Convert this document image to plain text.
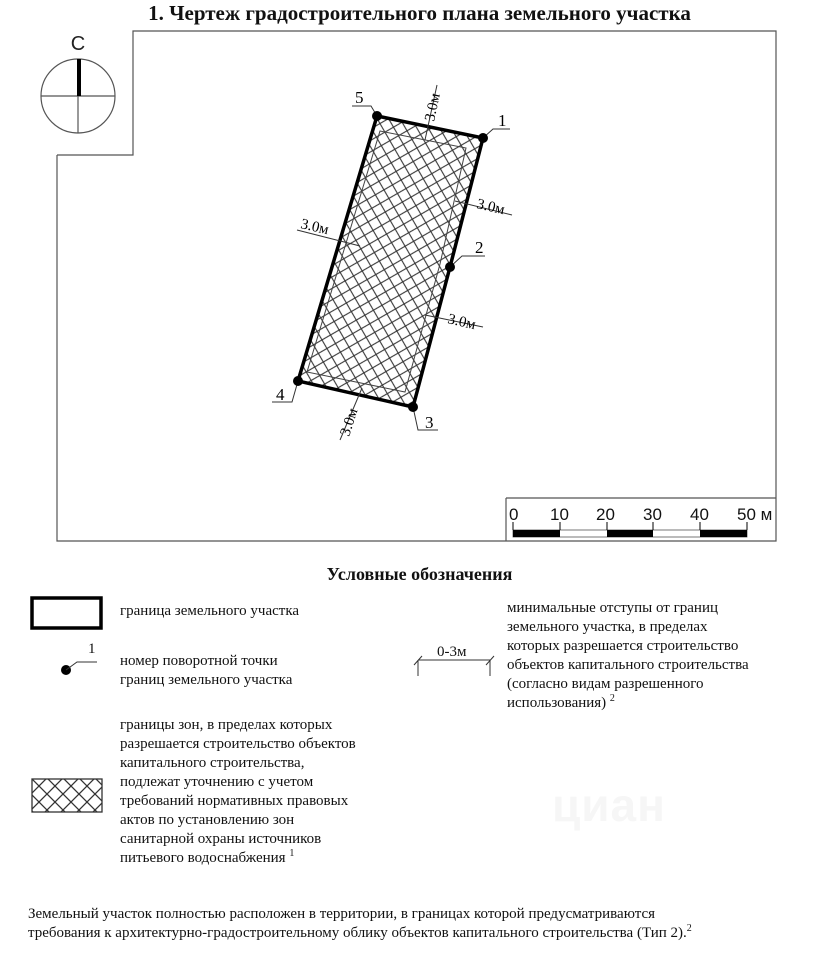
1. Чертеж градостроительного плана земельного участка
С
3.0м
3.0м
3.0м
3.0м
3.0м
1
2
3
4
5
0 10 20 30 40 50 м
Условные обозначения
граница земельного участка
1
номер поворотной точки
границ земельного участка
границы зон, в пределах которых
разрешается строительство объектов
капитального строительства,
подлежат уточнению с учетом
требований нормативных правовых
актов по установлению зон
санитарной охраны источников
питьевого водоснабжения $^1$
0-3м
минимальные отступы от границ
земельного участка, в пределах
которых разрешается строительство
объектов капитального строительства
(согласно видам разрешенного
использования) $^2$
циан
Земельный участок полностью расположен в территории, в границах которой предусматриваются
требования к архитектурно-градостроительному облику объектов капитального строительства (Тип 2).$^2$
